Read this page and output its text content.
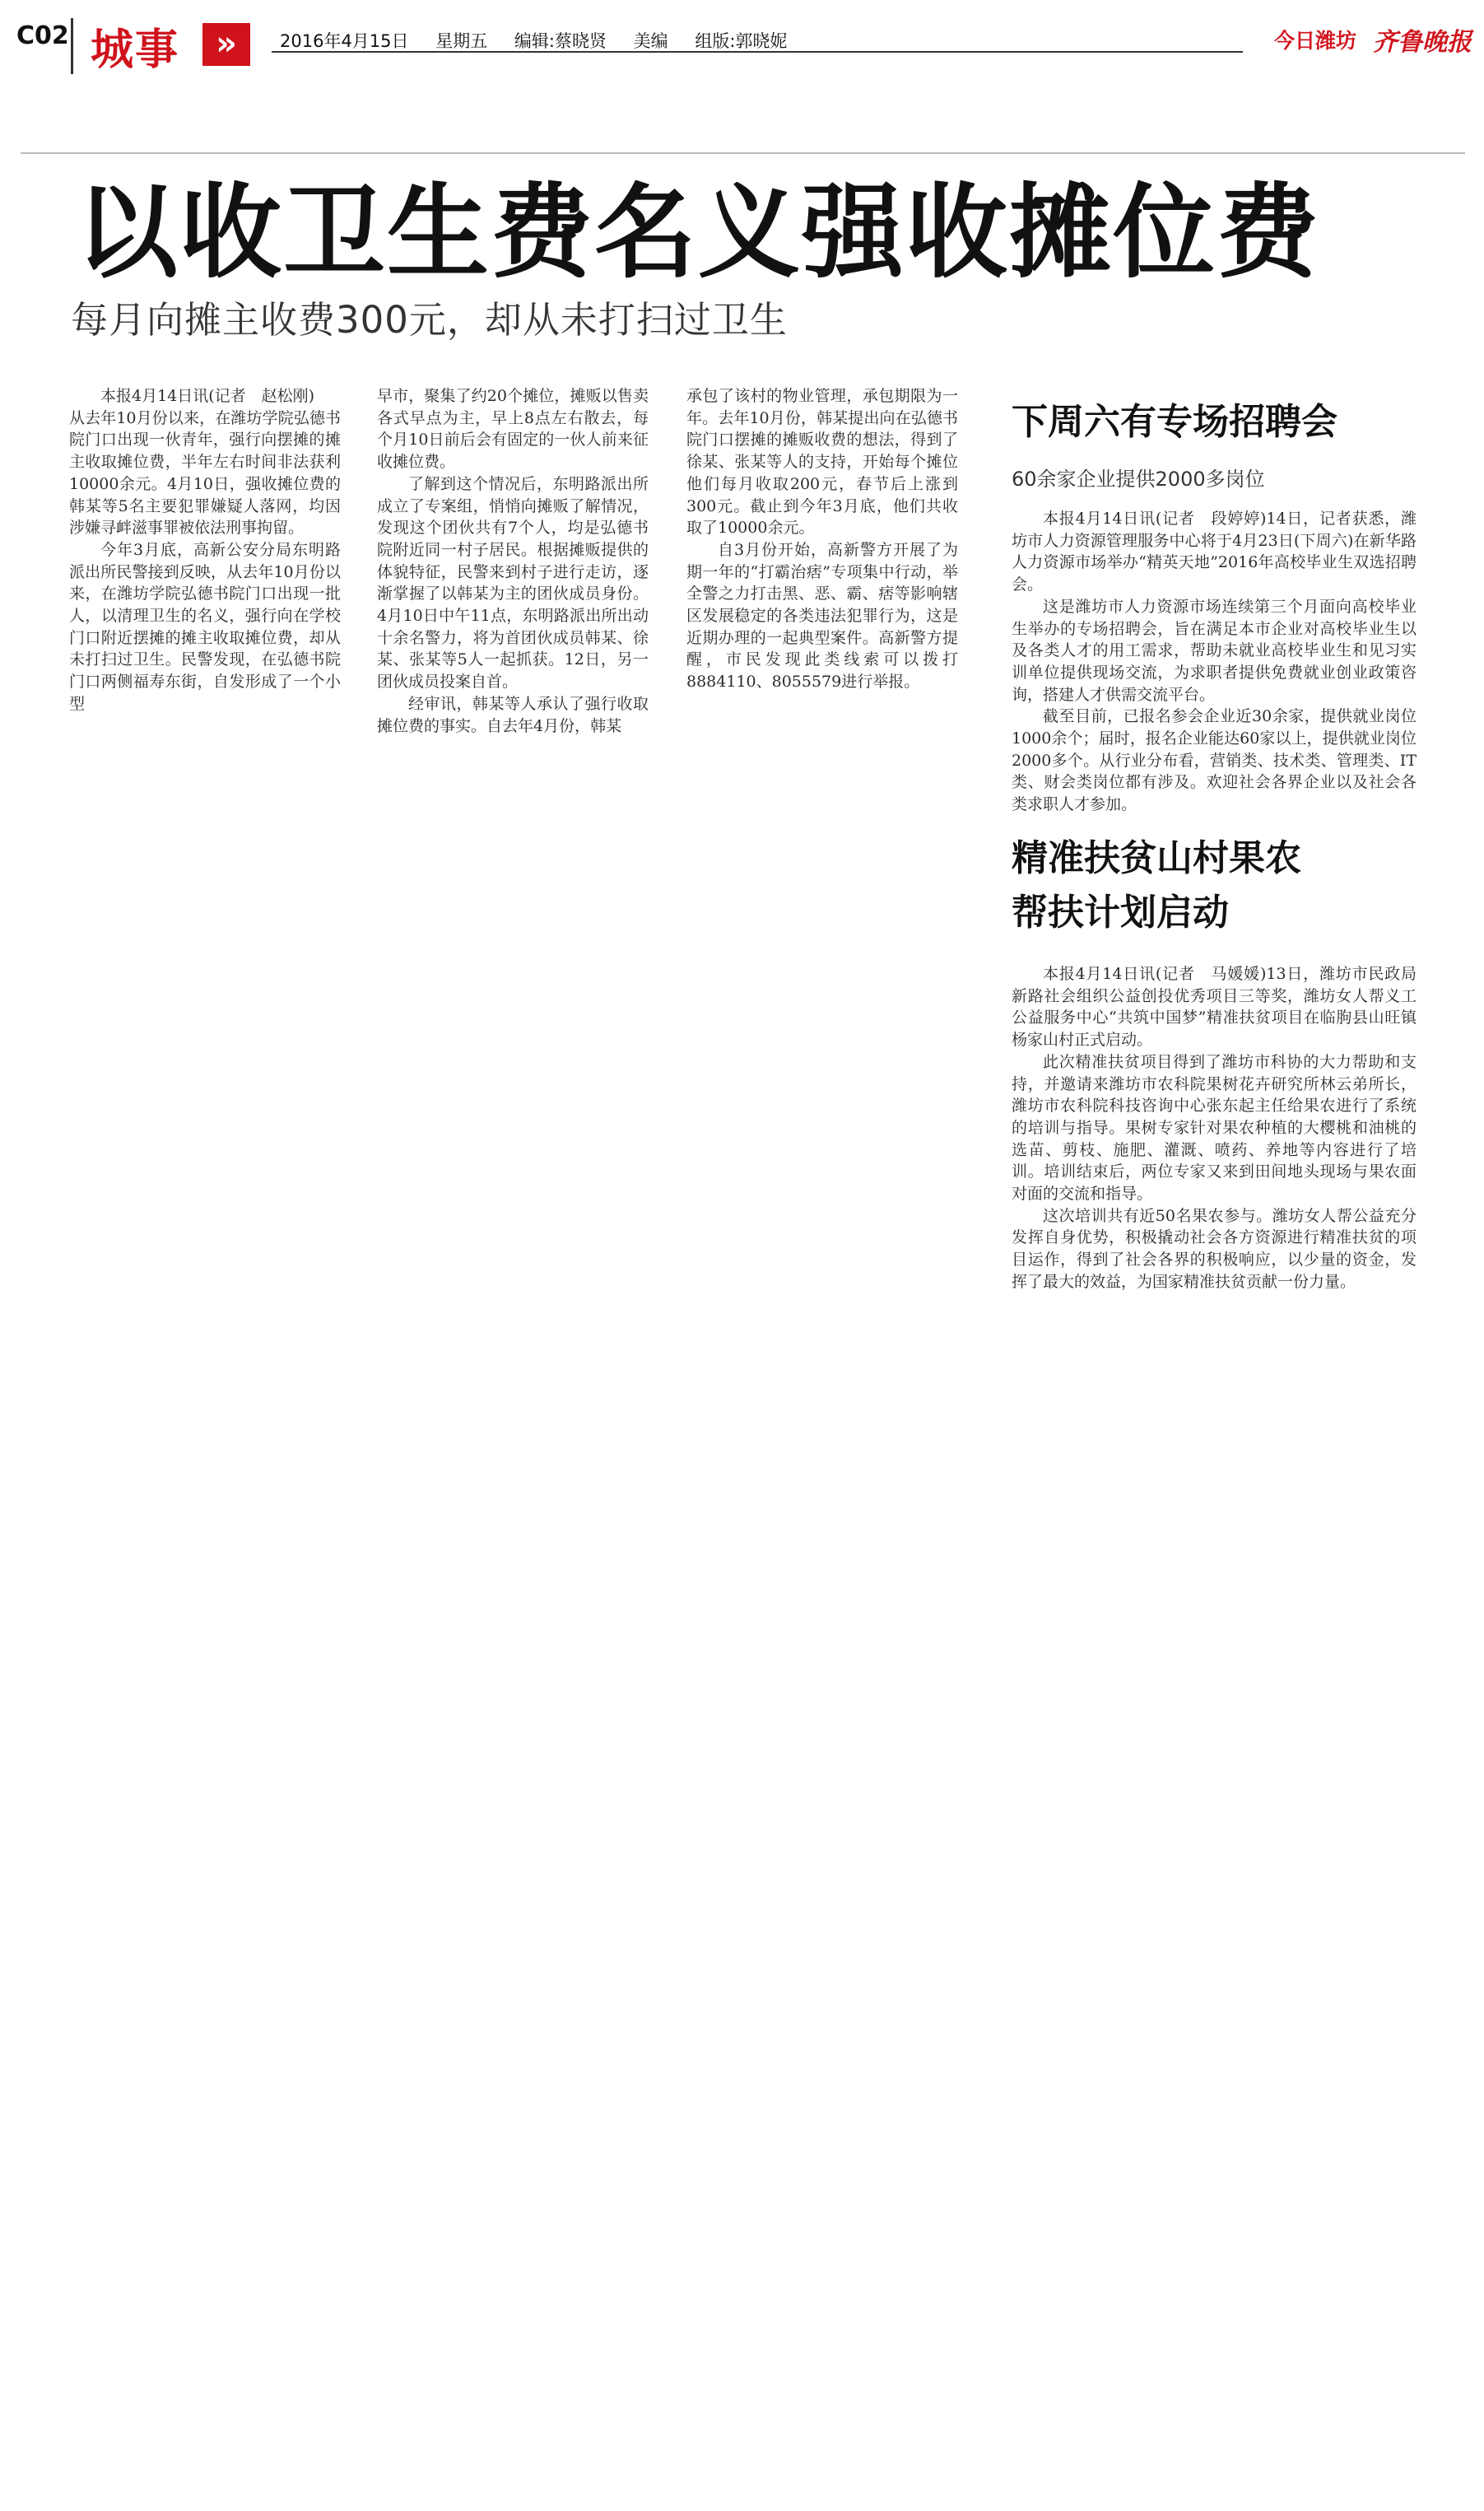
C02 城事	»	2016年4月15日 星期五 编辑:蔡晓贤 美编 组版:郭晓妮	今日潍坊 齐鲁晚报
以收卫生费名义强收摊位费
每月向摊主收费300元，却从未打扫过卫生

本报4月14日讯(记者　赵松刚)

从去年10月份以来，在潍坊学院弘德书院门口出现一伙青年，强行向摆摊的摊主收取摊位费，半年左右时间非法获利10000余元。4月10日，强收摊位费的韩某等5名主要犯罪嫌疑人落网，均因涉嫌寻衅滋事罪被依法刑事拘留。

今年3月底，高新公安分局东明路派出所民警接到反映，从去年10月份以来，在潍坊学院弘德书院门口出现一批人，以清理卫生的名义，强行向在学校门口附近摆摊的摊主收取摊位费，却从未打扫过卫生。民警发现，在弘德书院门口两侧福寿东街，自发形成了一个小型

早市，聚集了约20个摊位，摊贩以售卖各式早点为主，早上8点左右散去，每个月10日前后会有固定的一伙人前来征收摊位费。

了解到这个情况后，东明路派出所成立了专案组，悄悄向摊贩了解情况，发现这个团伙共有7个人，均是弘德书院附近同一村子居民。根据摊贩提供的体貌特征，民警来到村子进行走访，逐渐掌握了以韩某为主的团伙成员身份。4月10日中午11点，东明路派出所出动十余名警力，将为首团伙成员韩某、徐某、张某等5人一起抓获。12日，另一团伙成员投案自首。

经审讯，韩某等人承认了强行收取摊位费的事实。自去年4月份，韩某

承包了该村的物业管理，承包期限为一年。去年10月份，韩某提出向在弘德书院门口摆摊的摊贩收费的想法，得到了徐某、张某等人的支持，开始每个摊位他们每月收取200元，春节后上涨到300元。截止到今年3月底，他们共收取了10000余元。

自3月份开始，高新警方开展了为期一年的“打霸治痞”专项集中行动，举全警之力打击黑、恶、霸、痞等影响辖区发展稳定的各类违法犯罪行为，这是近期办理的一起典型案件。高新警方提醒，市民发现此类线索可以拨打8884110、8055579进行举报。

下周六有专场招聘会
60余家企业提供2000多岗位

本报4月14日讯(记者　段婷婷)14日，记者获悉，潍坊市人力资源管理服务中心将于4月23日(下周六)在新华路人力资源市场举办“精英天地”2016年高校毕业生双选招聘会。

这是潍坊市人力资源市场连续第三个月面向高校毕业生举办的专场招聘会，旨在满足本市企业对高校毕业生以及各类人才的用工需求，帮助未就业高校毕业生和见习实训单位提供现场交流，为求职者提供免费就业创业政策咨询，搭建人才供需交流平台。

截至目前，已报名参会企业近30余家，提供就业岗位1000余个；届时，报名企业能达60家以上，提供就业岗位2000多个。从行业分布看，营销类、技术类、管理类、IT类、财会类岗位都有涉及。欢迎社会各界企业以及社会各类求职人才参加。

精准扶贫山村果农
帮扶计划启动

本报4月14日讯(记者　马媛媛)13日，潍坊市民政局新路社会组织公益创投优秀项目三等奖，潍坊女人帮义工公益服务中心“共筑中国梦”精准扶贫项目在临朐县山旺镇杨家山村正式启动。

此次精准扶贫项目得到了潍坊市科协的大力帮助和支持，并邀请来潍坊市农科院果树花卉研究所林云弟所长，潍坊市农科院科技咨询中心张东起主任给果农进行了系统的培训与指导。果树专家针对果农种植的大樱桃和油桃的选苗、剪枝、施肥、灌溉、喷药、养地等内容进行了培训。培训结束后，两位专家又来到田间地头现场与果农面对面的交流和指导。

这次培训共有近50名果农参与。潍坊女人帮公益充分发挥自身优势，积极撬动社会各方资源进行精准扶贫的项目运作，得到了社会各界的积极响应，以少量的资金，发挥了最大的效益，为国家精准扶贫贡献一份力量。
